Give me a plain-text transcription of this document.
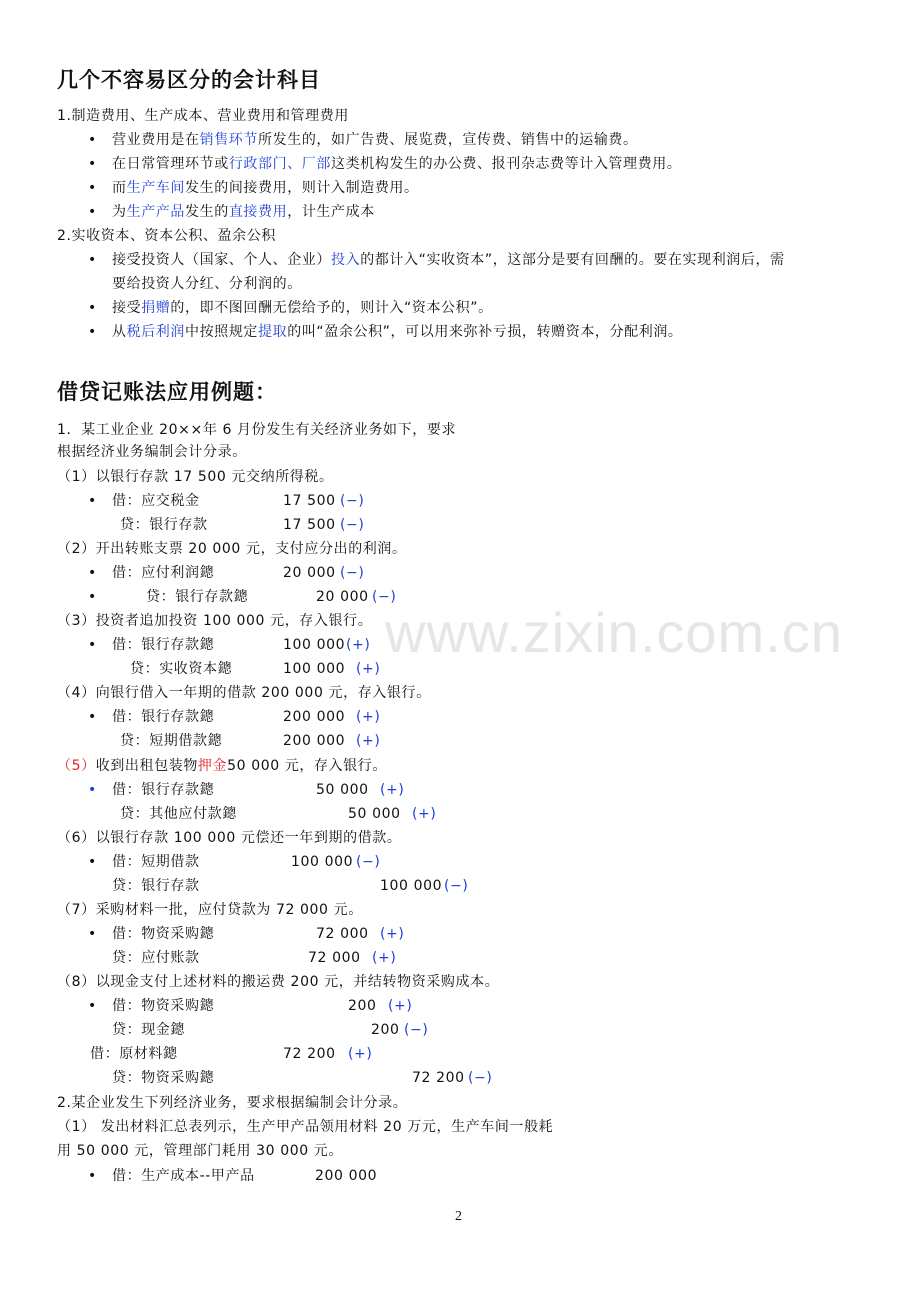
www.zixin.com.cn
几个不容易区分的会计科目
1.制造费用、生产成本、营业费用和管理费用
• 营业费用是在销售环节所发生的，如广告费、展览费，宣传费、销售中的运输费。
• 在日常管理环节或行政部门、厂部这类机构发生的办公费、报刊杂志费等计入管理费用。
• 而生产车间发生的间接费用，则计入制造费用。
• 为生产产品发生的直接费用，计生产成本
2.实收资本、资本公积、盈余公积
• 接受投资人（国家、个人、企业）投入的都计入“实收资本”，这部分是要有回酬的。要在实现利润后，需
要给投资人分红、分利润的。
• 接受捐赠的，即不图回酬无偿给予的，则计入“资本公积”。
• 从税后利润中按照规定提取的叫“盈余公积”，可以用来弥补亏损，转赠资本，分配利润。
借贷记账法应用例题：
1．某工业企业 20××年 6 月份发生有关经济业务如下，要求
根据经济业务编制会计分录。
（1）以银行存款 17 500 元交纳所得税。
• 借：应交税金	17 500 (−)
贷：银行存款	17 500 (−)
（2）开出转账支票 20 000 元，支付应分出的利润。
• 借：应付利润鏓	20 000 (−)
•	贷：银行存款鏓	20 000 (−)
（3）投资者追加投资 100 000 元，存入银行。
• 借：银行存款鏓	100 000 (+)
贷：实收资本鏓	100 000 (+)
（4）向银行借入一年期的借款 200 000 元，存入银行。
• 借：银行存款鏓	200 000 (+)
贷：短期借款鏓	200 000 (+)
（5）收到出租包装物押金50 000 元，存入银行。
• 借：银行存款鏓	50 000 (+)
贷：其他应付款鏓	50 000 (+)
（6）以银行存款 100 000 元偿还一年到期的借款。
• 借：短期借款	100 000 (−)
贷：银行存款	100 000 (−)
（7）采购材料一批，应付贷款为 72 000 元。
• 借：物资采购鏓	72 000 (+)
贷：应付账款	72 000 (+)
（8）以现金支付上述材料的搬运费 200 元，并结转物资采购成本。
• 借：物资采购鏓	200 (+)
贷：现金鏓	200 (−)
借：原材料鏓	72 200 (+)
贷：物资采购鏓	72 200 (−)
2.某企业发生下列经济业务，要求根据编制会计分录。
（1） 发出材料汇总表列示，生产甲产品领用材料 20 万元，生产车间一般耗
用 50 000 元，管理部门耗用 30 000 元。
• 借：生产成本--甲产品	200 000
2
